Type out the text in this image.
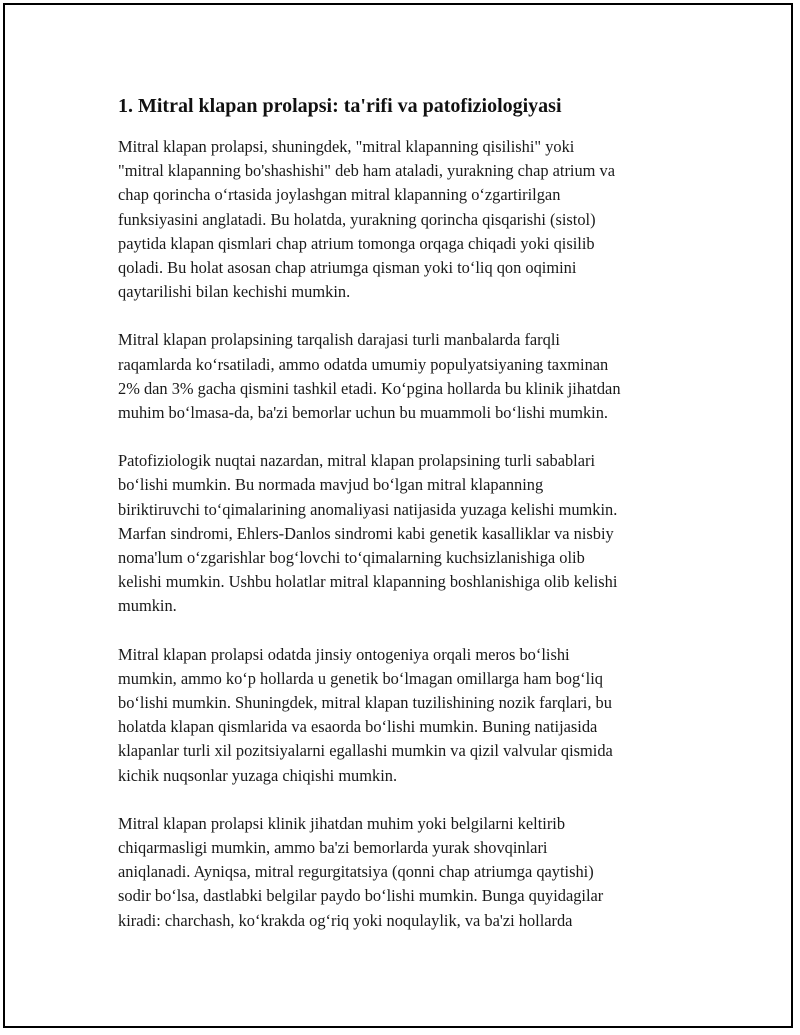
1. Mitral klapan prolapsi: ta'rifi va patofiziologiyasi

Mitral klapan prolapsi, shuningdek, "mitral klapanning qisilishi" yoki
"mitral klapanning bo'shashishi" deb ham ataladi, yurakning chap atrium va
chap qorincha oʻrtasida joylashgan mitral klapanning oʻzgartirilgan
funksiyasini anglatadi. Bu holatda, yurakning qorincha qisqarishi (sistol)
paytida klapan qismlari chap atrium tomonga orqaga chiqadi yoki qisilib
qoladi. Bu holat asosan chap atriumga qisman yoki toʻliq qon oqimini
qaytarilishi bilan kechishi mumkin.

Mitral klapan prolapsining tarqalish darajasi turli manbalarda farqli
raqamlarda koʻrsatiladi, ammo odatda umumiy populyatsiyaning taxminan
2% dan 3% gacha qismini tashkil etadi. Koʻpgina hollarda bu klinik jihatdan
muhim boʻlmasa-da, ba'zi bemorlar uchun bu muammoli boʻlishi mumkin.

Patofiziologik nuqtai nazardan, mitral klapan prolapsining turli sabablari
boʻlishi mumkin. Bu normada mavjud boʻlgan mitral klapanning
biriktiruvchi toʻqimalarining anomaliyasi natijasida yuzaga kelishi mumkin.
Marfan sindromi, Ehlers-Danlos sindromi kabi genetik kasalliklar va nisbiy
noma'lum oʻzgarishlar bogʻlovchi toʻqimalarning kuchsizlanishiga olib
kelishi mumkin. Ushbu holatlar mitral klapanning boshlanishiga olib kelishi
mumkin.

Mitral klapan prolapsi odatda jinsiy ontogeniya orqali meros boʻlishi
mumkin, ammo koʻp hollarda u genetik boʻlmagan omillarga ham bogʻliq
boʻlishi mumkin. Shuningdek, mitral klapan tuzilishining nozik farqlari, bu
holatda klapan qismlarida va esaorda boʻlishi mumkin. Buning natijasida
klapanlar turli xil pozitsiyalarni egallashi mumkin va qizil valvular qismida
kichik nuqsonlar yuzaga chiqishi mumkin.

Mitral klapan prolapsi klinik jihatdan muhim yoki belgilarni keltirib
chiqarmasligi mumkin, ammo ba'zi bemorlarda yurak shovqinlari
aniqlanadi. Ayniqsa, mitral regurgitatsiya (qonni chap atriumga qaytishi)
sodir boʻlsa, dastlabki belgilar paydo boʻlishi mumkin. Bunga quyidagilar
kiradi: charchash, koʻkrakda ogʻriq yoki noqulaylik, va ba'zi hollarda
